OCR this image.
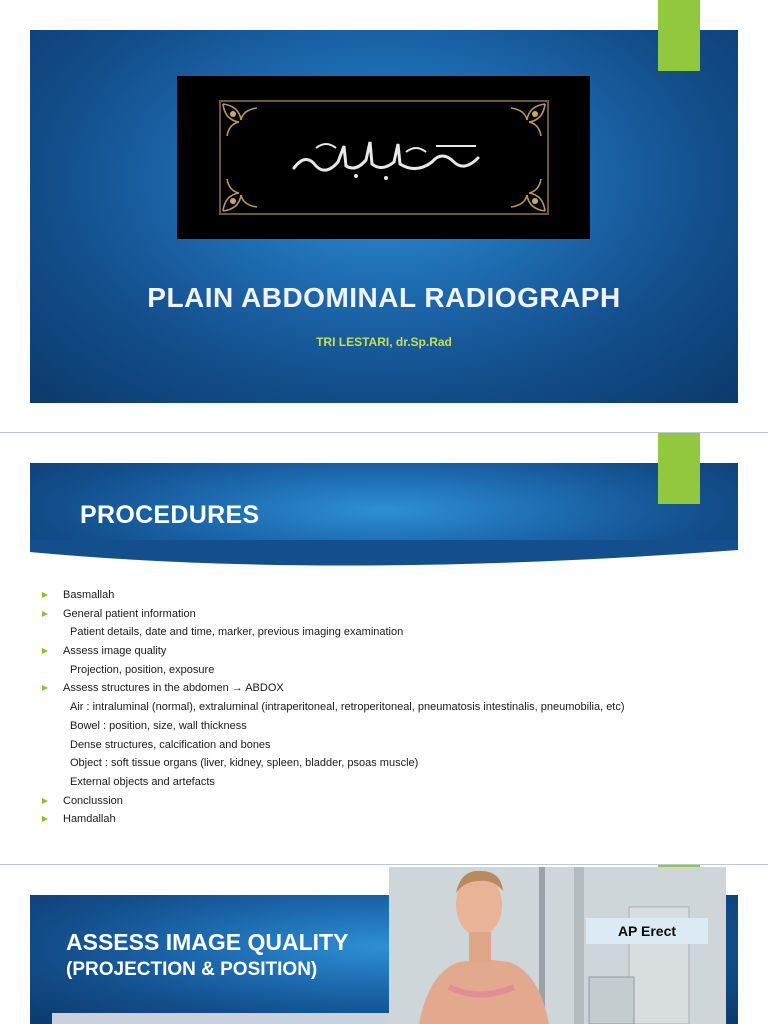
PLAIN ABDOMINAL RADIOGRAPH
TRI LESTARI, dr.Sp.Rad
PROCEDURES
Basmallah
General patient information
Patient details, date and time, marker, previous imaging examination
Assess image quality
Projection, position, exposure
Assess structures in the abdomen → ABDOX
Air : intraluminal (normal), extraluminal (intraperitoneal, retroperitoneal, pneumatosis intestinalis, pneumobilia, etc)
Bowel : position, size, wall thickness
Dense structures, calcification and bones
Object : soft tissue organs (liver, kidney, spleen, bladder, psoas muscle)
External objects and artefacts
Conclussion
Hamdallah
ASSESS IMAGE QUALITY
(PROJECTION & POSITION)
AP Erect
